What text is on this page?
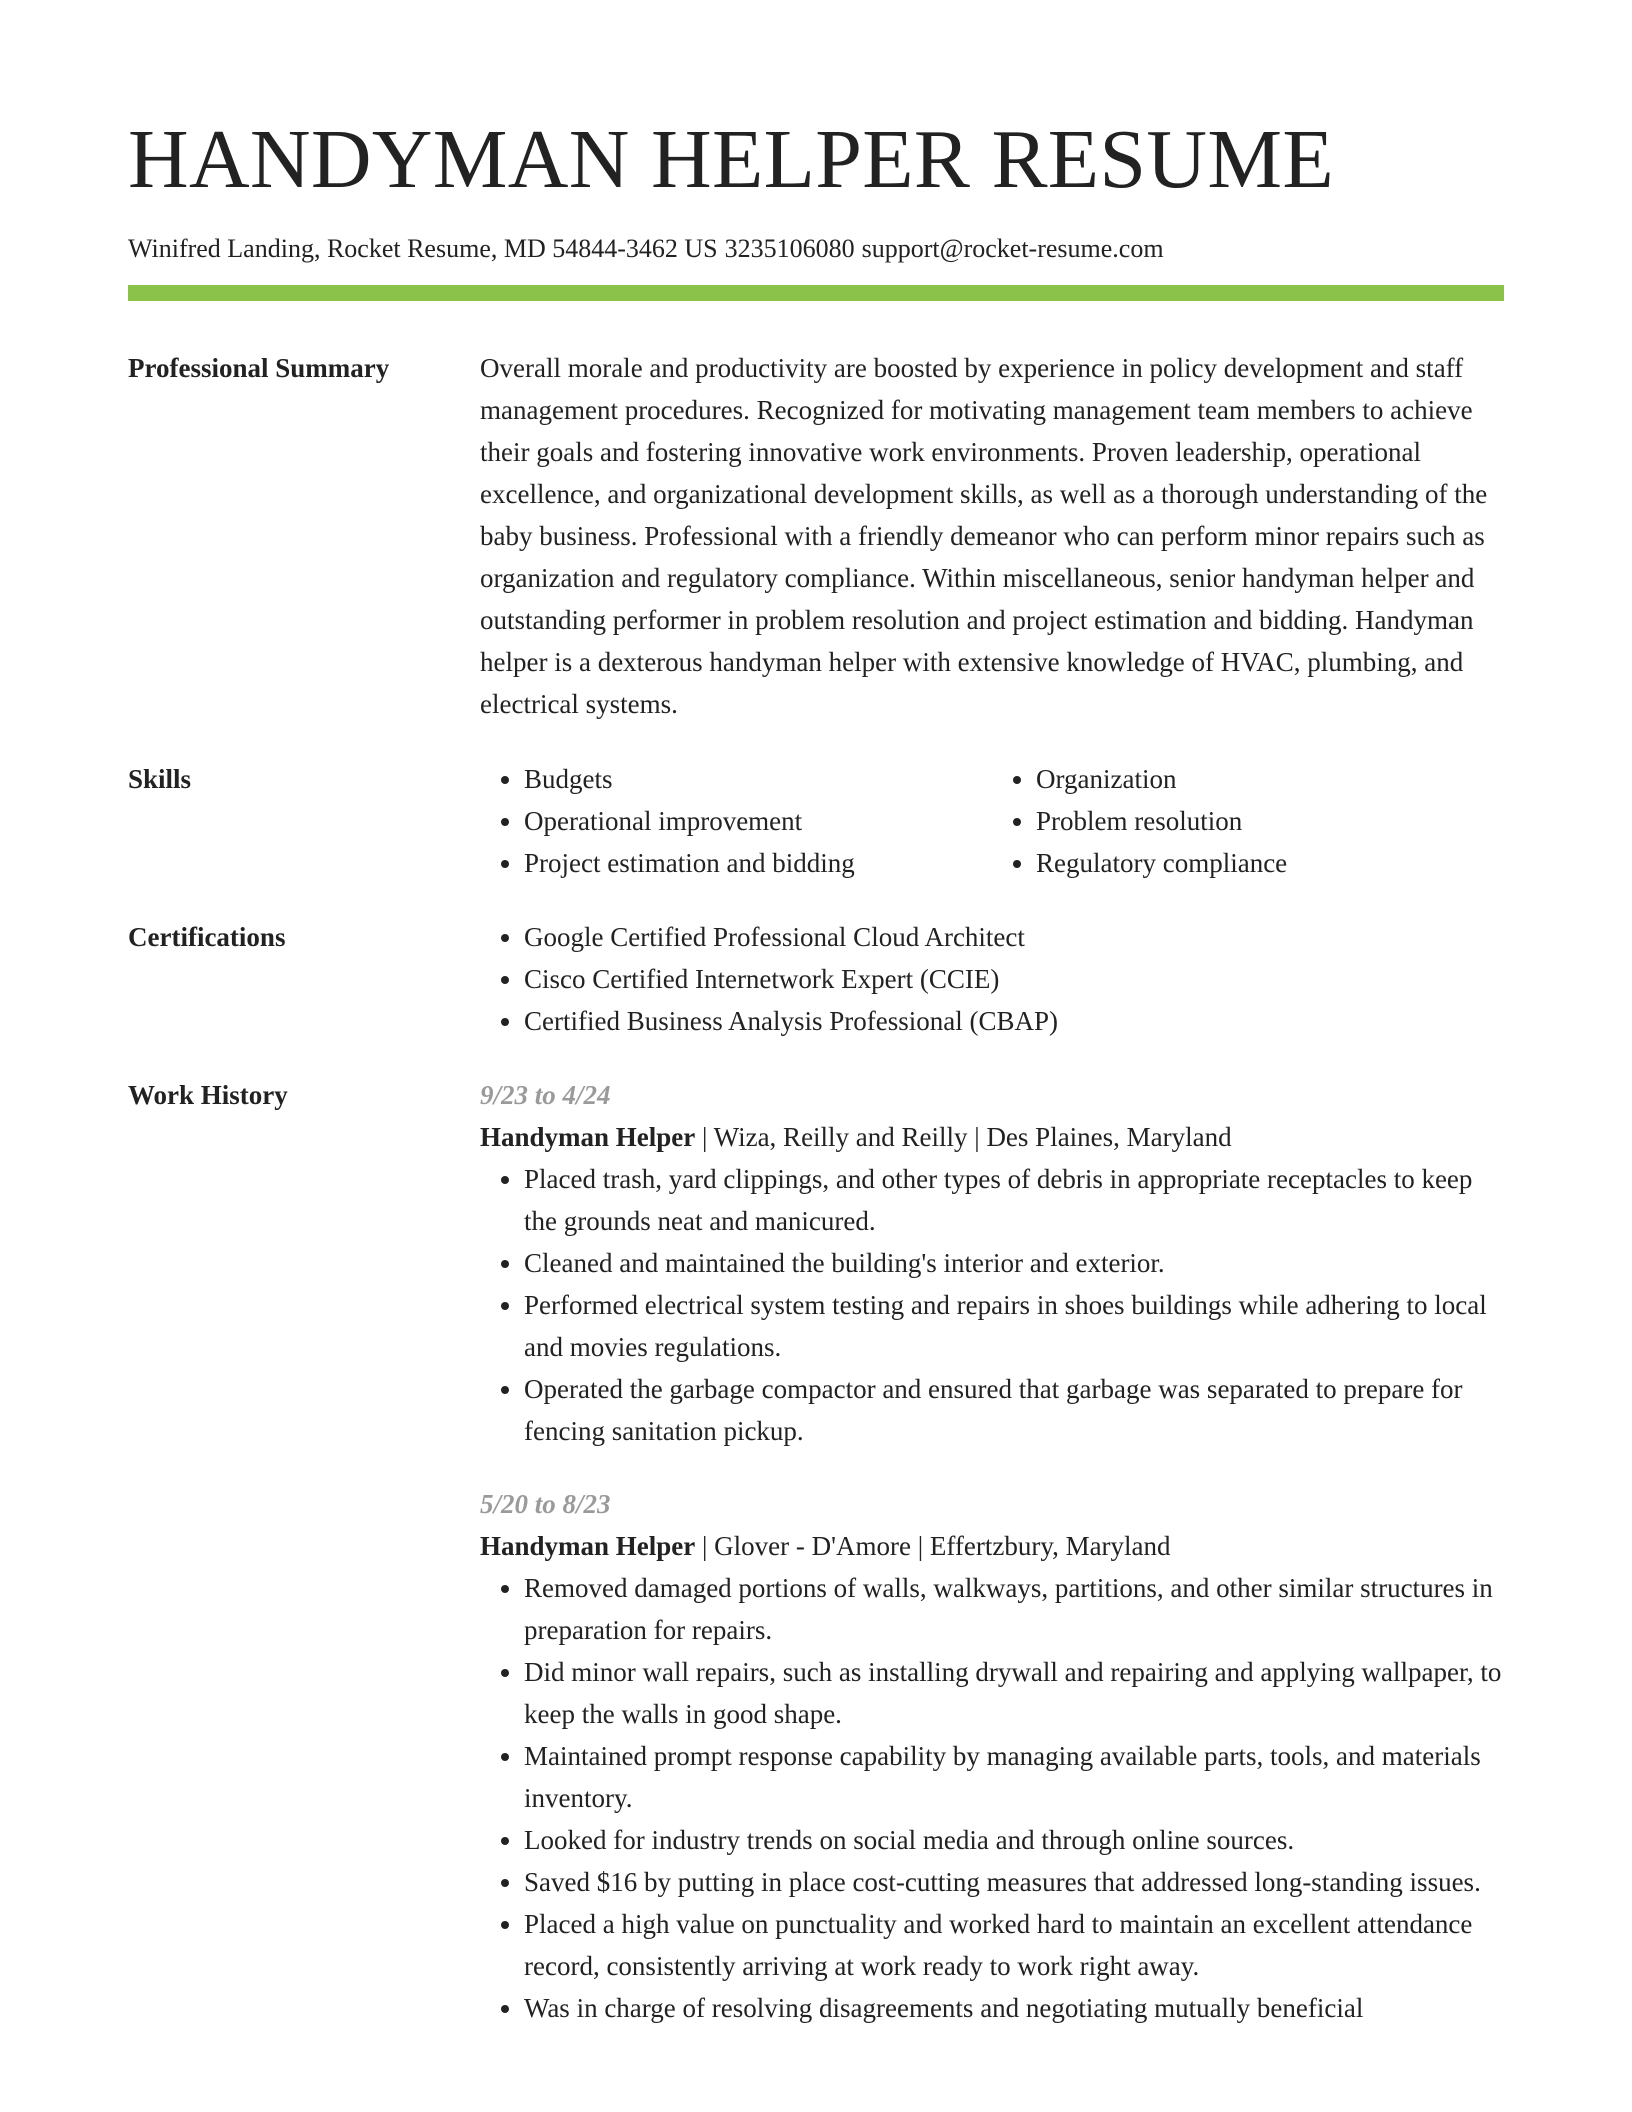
HANDYMAN HELPER RESUME
Winifred Landing, Rocket Resume, MD 54844-3462 US 3235106080 support@rocket-resume.com
Professional Summary	Overall morale and productivity are boosted by experience in policy development and staff management procedures. Recognized for motivating management team members to achieve their goals and fostering innovative work environments. Proven leadership, operational excellence, and organizational development skills, as well as a thorough understanding of the baby business. Professional with a friendly demeanor who can perform minor repairs such as organization and regulatory compliance. Within miscellaneous, senior handyman helper and outstanding performer in problem resolution and project estimation and bidding. Handyman helper is a dexterous handyman helper with extensive knowledge of HVAC, plumbing, and electrical systems.

Skills	• Budgets
• Operational improvement
• Project estimation and bidding
• Organization
• Problem resolution
• Regulatory compliance
Certifications	• Google Certified Professional Cloud Architect
• Cisco Certified Internetwork Expert (CCIE)
• Certified Business Analysis Professional (CBAP)
Work History	9/23 to 4/24
Handyman Helper | Wiza, Reilly and Reilly | Des Plaines, Maryland
• Placed trash, yard clippings, and other types of debris in appropriate receptacles to keep the grounds neat and manicured.
• Cleaned and maintained the building's interior and exterior.
• Performed electrical system testing and repairs in shoes buildings while adhering to local and movies regulations.
• Operated the garbage compactor and ensured that garbage was separated to prepare for fencing sanitation pickup.
5/20 to 8/23
Handyman Helper | Glover - D'Amore | Effertzbury, Maryland
• Removed damaged portions of walls, walkways, partitions, and other similar structures in preparation for repairs.
• Did minor wall repairs, such as installing drywall and repairing and applying wallpaper, to keep the walls in good shape.
• Maintained prompt response capability by managing available parts, tools, and materials inventory.
• Looked for industry trends on social media and through online sources.
• Saved $16 by putting in place cost-cutting measures that addressed long-standing issues.
• Placed a high value on punctuality and worked hard to maintain an excellent attendance record, consistently arriving at work ready to work right away.
• Was in charge of resolving disagreements and negotiating mutually beneficial
